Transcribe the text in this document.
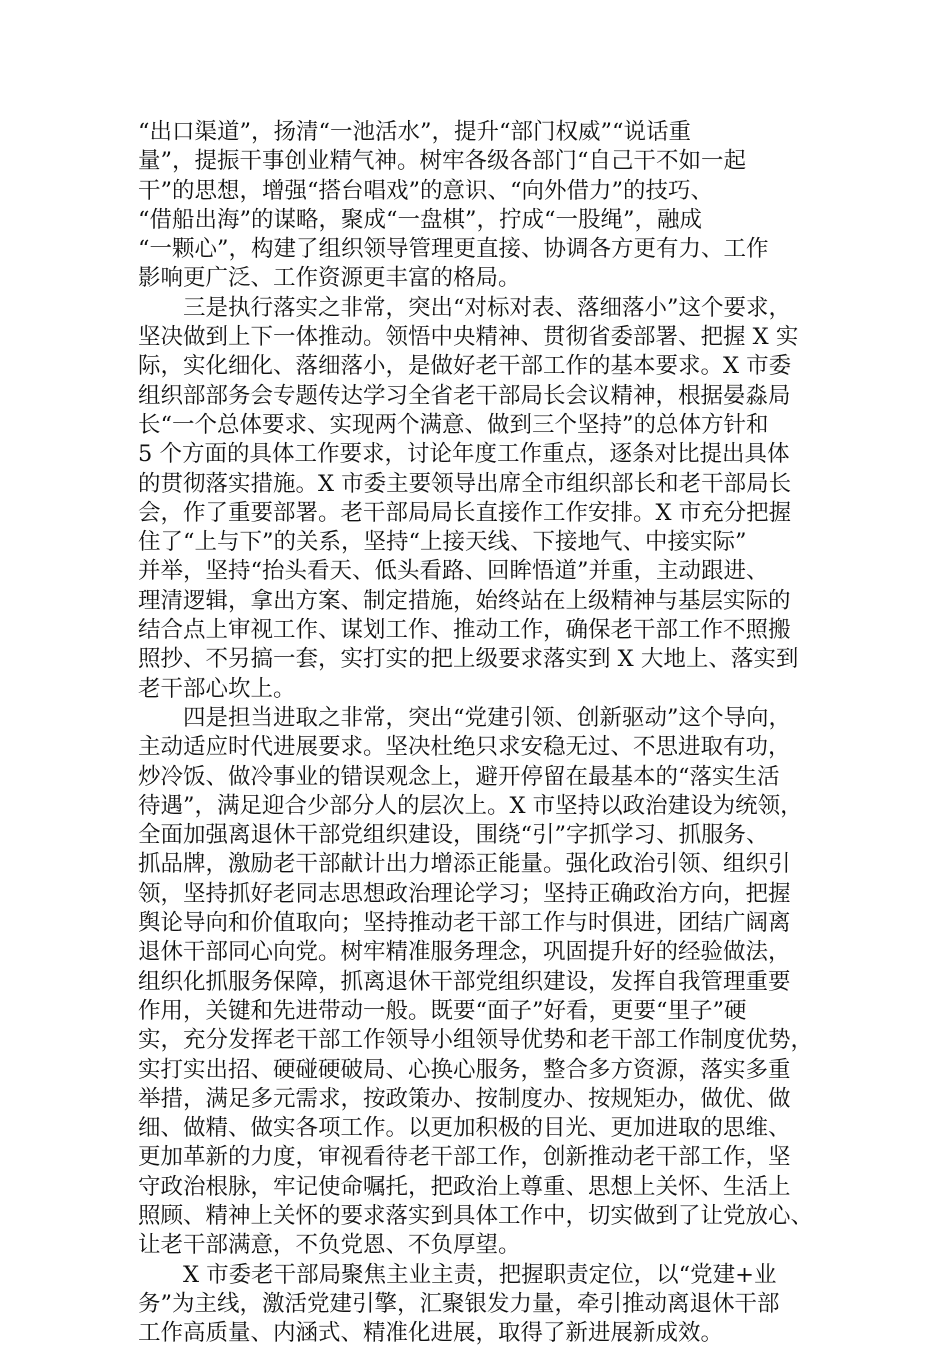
“出口渠道”，扬清“一池活水”，提升“部门权威”“说话重
量”，提振干事创业精气神。树牢各级各部门“自己干不如一起
干”的思想，增强“搭台唱戏”的意识、“向外借力”的技巧、
“借船出海”的谋略，聚成“一盘棋”，拧成“一股绳”，融成
“一颗心”，构建了组织领导管理更直接、协调各方更有力、工作
影响更广泛、工作资源更丰富的格局。
　　三是执行落实之非常，突出“对标对表、落细落小”这个要求，
坚决做到上下一体推动。领悟中央精神、贯彻省委部署、把握 X 实
际，实化细化、落细落小，是做好老干部工作的基本要求。X 市委
组织部部务会专题传达学习全省老干部局长会议精神，根据晏淼局
长“一个总体要求、实现两个满意、做到三个坚持”的总体方针和
5 个方面的具体工作要求，讨论年度工作重点，逐条对比提出具体
的贯彻落实措施。X 市委主要领导出席全市组织部长和老干部局长
会，作了重要部署。老干部局局长直接作工作安排。X 市充分把握
住了“上与下”的关系，坚持“上接天线、下接地气、中接实际”
并举，坚持“抬头看天、低头看路、回眸悟道”并重，主动跟进、
理清逻辑，拿出方案、制定措施，始终站在上级精神与基层实际的
结合点上审视工作、谋划工作、推动工作，确保老干部工作不照搬
照抄、不另搞一套，实打实的把上级要求落实到 X 大地上、落实到
老干部心坎上。
　　四是担当进取之非常，突出“党建引领、创新驱动”这个导向，
主动适应时代进展要求。坚决杜绝只求安稳无过、不思进取有功，
炒冷饭、做冷事业的错误观念上，避开停留在最基本的“落实生活
待遇”，满足迎合少部分人的层次上。X 市坚持以政治建设为统领，
全面加强离退休干部党组织建设，围绕“引”字抓学习、抓服务、
抓品牌，激励老干部献计出力增添正能量。强化政治引领、组织引
领，坚持抓好老同志思想政治理论学习；坚持正确政治方向，把握
舆论导向和价值取向；坚持推动老干部工作与时俱进，团结广阔离
退休干部同心向党。树牢精准服务理念，巩固提升好的经验做法，
组织化抓服务保障，抓离退休干部党组织建设，发挥自我管理重要
作用，关键和先进带动一般。既要“面子”好看，更要“里子”硬
实，充分发挥老干部工作领导小组领导优势和老干部工作制度优势，
实打实出招、硬碰硬破局、心换心服务，整合多方资源，落实多重
举措，满足多元需求，按政策办、按制度办、按规矩办，做优、做
细、做精、做实各项工作。以更加积极的目光、更加进取的思维、
更加革新的力度，审视看待老干部工作，创新推动老干部工作，坚
守政治根脉，牢记使命嘱托，把政治上尊重、思想上关怀、生活上
照顾、精神上关怀的要求落实到具体工作中，切实做到了让党放心、
让老干部满意，不负党恩、不负厚望。
　　X 市委老干部局聚焦主业主责，把握职责定位，以“党建+业
务”为主线，激活党建引擎，汇聚银发力量，牵引推动离退休干部
工作高质量、内涵式、精准化进展，取得了新进展新成效。
